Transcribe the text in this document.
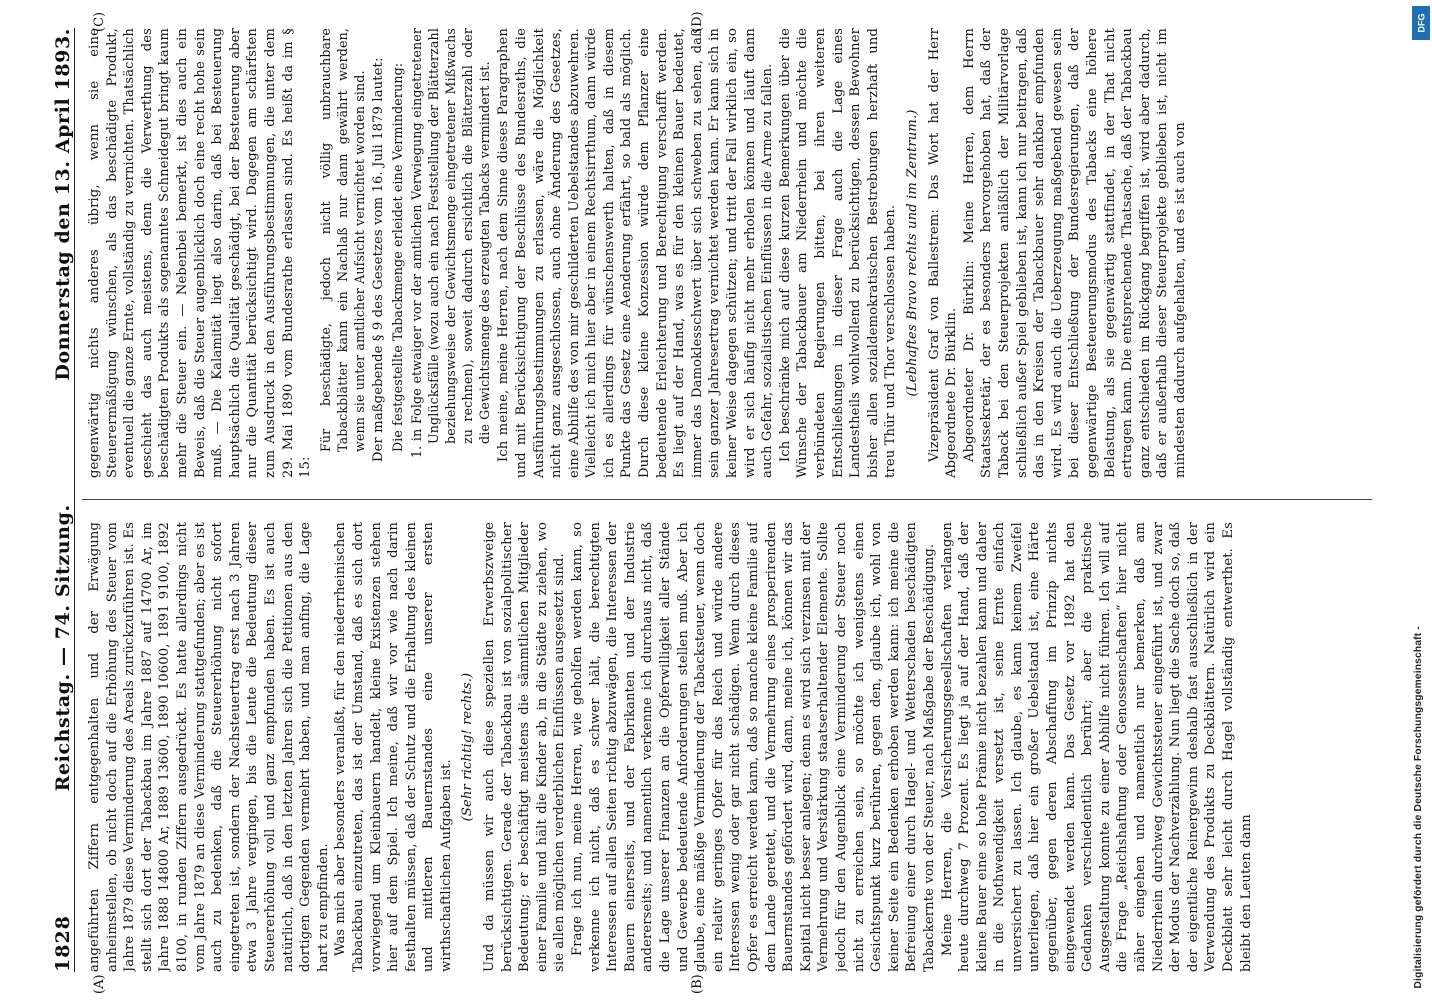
1828
Reichstag. — 74. Sitzung.
Donnerstag den 13. April 1893.
(A)	(B)
(C)	(D)

angeführten Ziffern entgegenhalten und der Erwägung anheimstellen, ob nicht doch auf die Erhöhung des Steuer vom Jahre 1879 diese Verminderung des Areals zurückzuführen ist. Es stellt sich dort der Tabackbau im Jahre 1887 auf 14700 Ar, im Jahre 1888 14800 Ar, 1889 13600, 1890 10600, 1891 9100, 1892 8100, in runden Ziffern ausgedrückt. Es hatte allerdings nicht vom Jahre 1879 an diese Verminderung stattgefunden; aber es ist auch zu bedenken, daß die Steuererhöhung nicht sofort eingetreten ist, sondern der Nachsteuertrag erst nach 3 Jahren etwa 3 Jahre vergingen, bis die Leute die Bedeutung dieser Steuererhöhung voll und ganz empfunden haben. Es ist auch natürlich, daß in den letzten Jahren sich die Petitionen aus den dortigen Gegenden vermehrt haben, und man anfing, die Lage hart zu empfinden. Was mich aber besonders veranlaßt, für den niederrheinischen Tabackbau einzutreten, das ist der Umstand, daß es sich dort vorwiegend um Kleinbauern handelt, kleine Existenzen stehen hier auf dem Spiel. Ich meine, daß wir vor wie nach darin festhalten müssen, daß der Schutz und die Erhaltung des kleinen und mittleren Bauernstandes eine unserer ersten wirthschaftlichen Aufgaben ist.

(Sehr richtig! rechts.) Und da müssen wir auch diese speziellen Erwerbszweige berücksichtigen. Gerade der Tabackbau ist von sozialpolitischer Bedeutung; er beschäftigt meistens die sämmtlichen Mitglieder einer Familie und hält die Kinder ab, in die Städte zu ziehen, wo sie allen möglichen verderblichen Einflüssen ausgesetzt sind. Frage ich nun, meine Herren, wie geholfen werden kann, so verkenne ich nicht, daß es schwer hält, die berechtigten Interessen auf allen Seiten richtig abzuwägen, die Interessen der Bauern einerseits, und der Fabrikanten und der Industrie andererseits; und namentlich verkenne ich durchaus nicht, daß die Lage unserer Finanzen an die Opferwilligkeit aller Stände und Gewerbe bedeutende Anforderungen stellen muß. Aber ich glaube, eine mäßige Verminderung der Tabacksteuer, wenn doch ein relativ geringes Opfer für das Reich und würde andere Interessen wenig oder gar nicht schädigen. Wenn durch dieses Opfer es erreicht werden kann, daß so manche kleine Familie auf dem Lande gerettet, und die Vermehrung eines prosperirenden Bauernstandes gefördert wird, dann, meine ich, können wir das Kapital nicht besser anlegen; denn es wird sich verzinsen mit der Vermehrung und Verstärkung staatserhaltender Elemente. Sollte jedoch für den Augenblick eine Verminderung der Steuer noch nicht zu erreichen sein, so möchte ich wenigstens einen Gesichtspunkt kurz berühren, gegen den, glaube ich, wohl von keiner Seite ein Bedenken erhoben werden kann: ich meine die Befreiung einer durch Hagel- und Wetterschaden beschädigten Tabackernte von der Steuer, nach Maßgabe der Beschädigung. Meine Herren, die Versicherungsgesellschaften verlangen heute durchweg 7 Prozent. Es liegt ja auf der Hand, daß der kleine Bauer eine so hohe Prämie nicht bezahlen kann und daher in die Nothwendigkeit versetzt ist, seine Ernte einfach unversichert zu lassen. Ich glaube, es kann keinem Zweifel unterliegen, daß hier ein großer Uebelstand ist, eine Härte gegenüber, gegen deren Abschaffung im Prinzip nichts eingewendet werden kann. Das Gesetz vor 1892 hat den Gedanken verschiedentlich berührt; aber die praktische Ausgestaltung konnte zu einer Abhilfe nicht führen. Ich will auf die Frage „Reichshaftung oder Genossenschaften“ hier nicht näher eingehen und namentlich nur bemerken, daß am Niederrhein durchweg Gewichtssteuer eingeführt ist, und zwar der Modus der Nachverzählung. Nun liegt die Sache doch so, daß der eigentliche Reinergewinn deshalb fast ausschließlich in der Verwendung des Produkts zu Deckblättern. Natürlich wird ein Deckblatt sehr leicht durch Hagel vollständig entwerthet. Es bleibt den Leuten dann

gegenwärtig nichts anderes übrig, wenn sie eine Steuerermäßigung wünschen, als das beschädigte Produkt, eventuell die ganze Ernte, vollständig zu vernichten. Thatsächlich geschieht das auch meistens, denn die Verwerthung des beschädigten Produkts als sogenanntes Schneidegut bringt kaum mehr die Steuer ein. — Nebenbei bemerkt, ist dies auch ein Beweis, daß die Steuer augenblicklich doch eine recht hohe sein muß. — Die Kalamität liegt also darin, daß bei Besteuerung hauptsächlich die Qualität geschädigt, bei der Besteuerung aber nur die Quantität berücksichtigt wird. Dagegen am schärfsten zum Ausdruck in den Ausführungsbestimmungen, die unter dem 29. Mai 1890 vom Bundesrathe erlassen sind. Es heißt da im § 15:

Für beschädigte, jedoch nicht völlig unbrauchbare Tabackblätter kann ein Nachlaß nur dann gewährt werden, wenn sie unter amtlicher Aufsicht vernichtet worden sind. Der maßgebende § 9 des Gesetzes vom 16. Juli 1879 lautet: Die festgestellte Tabackmenge erleidet eine Verminderung: 1. in Folge etwaiger vor der amtlichen Verwiegung eingetretener Unglücksfälle (wozu auch ein nach Feststellung der Blätterzahl beziehungsweise der Gewichtsmenge eingetretener Mißwachs zu rechnen), soweit dadurch ersichtlich die Blätterzahl oder die Gewichtsmenge des erzeugten Tabacks vermindert ist. Ich meine, meine Herren, nach dem Sinne dieses Paragraphen und mit Berücksichtigung der Beschlüsse des Bundesraths, die Ausführungsbestimmungen zu erlassen, wäre die Möglichkeit nicht ganz ausgeschlossen, auch ohne Änderung des Gesetzes, eine Abhilfe des von mir geschilderten Uebelstandes abzuwehren. Vielleicht ich mich hier aber in einem Rechtsirrthum, dann würde ich es allerdings für wünschenswerth halten, daß in diesem Punkte das Gesetz eine Aenderung erfährt, so bald als möglich. Durch diese kleine Konzession würde dem Pflanzer eine bedeutende Erleichterung und Berechtigung verschafft werden. Es liegt auf der Hand, was es für den kleinen Bauer bedeutet, immer das Damoklesschwert über sich schweben zu sehen, daß sein ganzer Jahresertrag vernichtet werden kann. Er kann sich in keiner Weise dagegen schützen; und tritt der Fall wirklich ein, so wird er sich häufig nicht mehr erholen können und läuft dann auch Gefahr, sozialistischen Einflüssen in die Arme zu fallen. Ich beschränke mich auf diese kurzen Bemerkungen über die Wünsche der Tabackbauer am Niederrhein und möchte die verbündeten Regierungen bitten, bei ihren weiteren Entschließungen in dieser Frage auch die Lage eines Landestheils wohlwollend zu berücksichtigen, dessen Bewohner bisher allen sozialdemokratischen Bestrebungen herzhaft und treu Thür und Thor verschlossen haben. (Lebhaftes Bravo rechts und im Zentrum.) Vizepräsident Graf von Ballestrem: Das Wort hat der Herr Abgeordnete Dr. Bürklin. Abgeordneter Dr. Bürklin: Meine Herren, dem Herrn Staatssekretär, der es besonders hervorgehoben hat, daß der Taback bei den Steuerprojekten anläßlich der Militärvorlage schließlich außer Spiel geblieben ist, kann ich nur beitragen, daß das in den Kreisen der Tabackbauer sehr dankbar empfunden wird. Es wird auch die Ueberzeugung maßgebend gewesen sein bei dieser Entschließung der Bundesregierungen, daß der gegenwärtige Besteuerungsmodus des Tabacks eine höhere Belastung, als sie gegenwärtig stattfindet, in der That nicht ertragen kann. Die entsprechende Thatsache, daß der Tabackbau ganz entschieden im Rückgang begriffen ist, wird aber dadurch, daß er außerhalb dieser Steuerprojekte geblieben ist, nicht im mindesten dadurch aufgehalten, und es ist auch von

DFG
Digitalisierung gefördert durch die Deutsche Forschungsgemeinschaft -
